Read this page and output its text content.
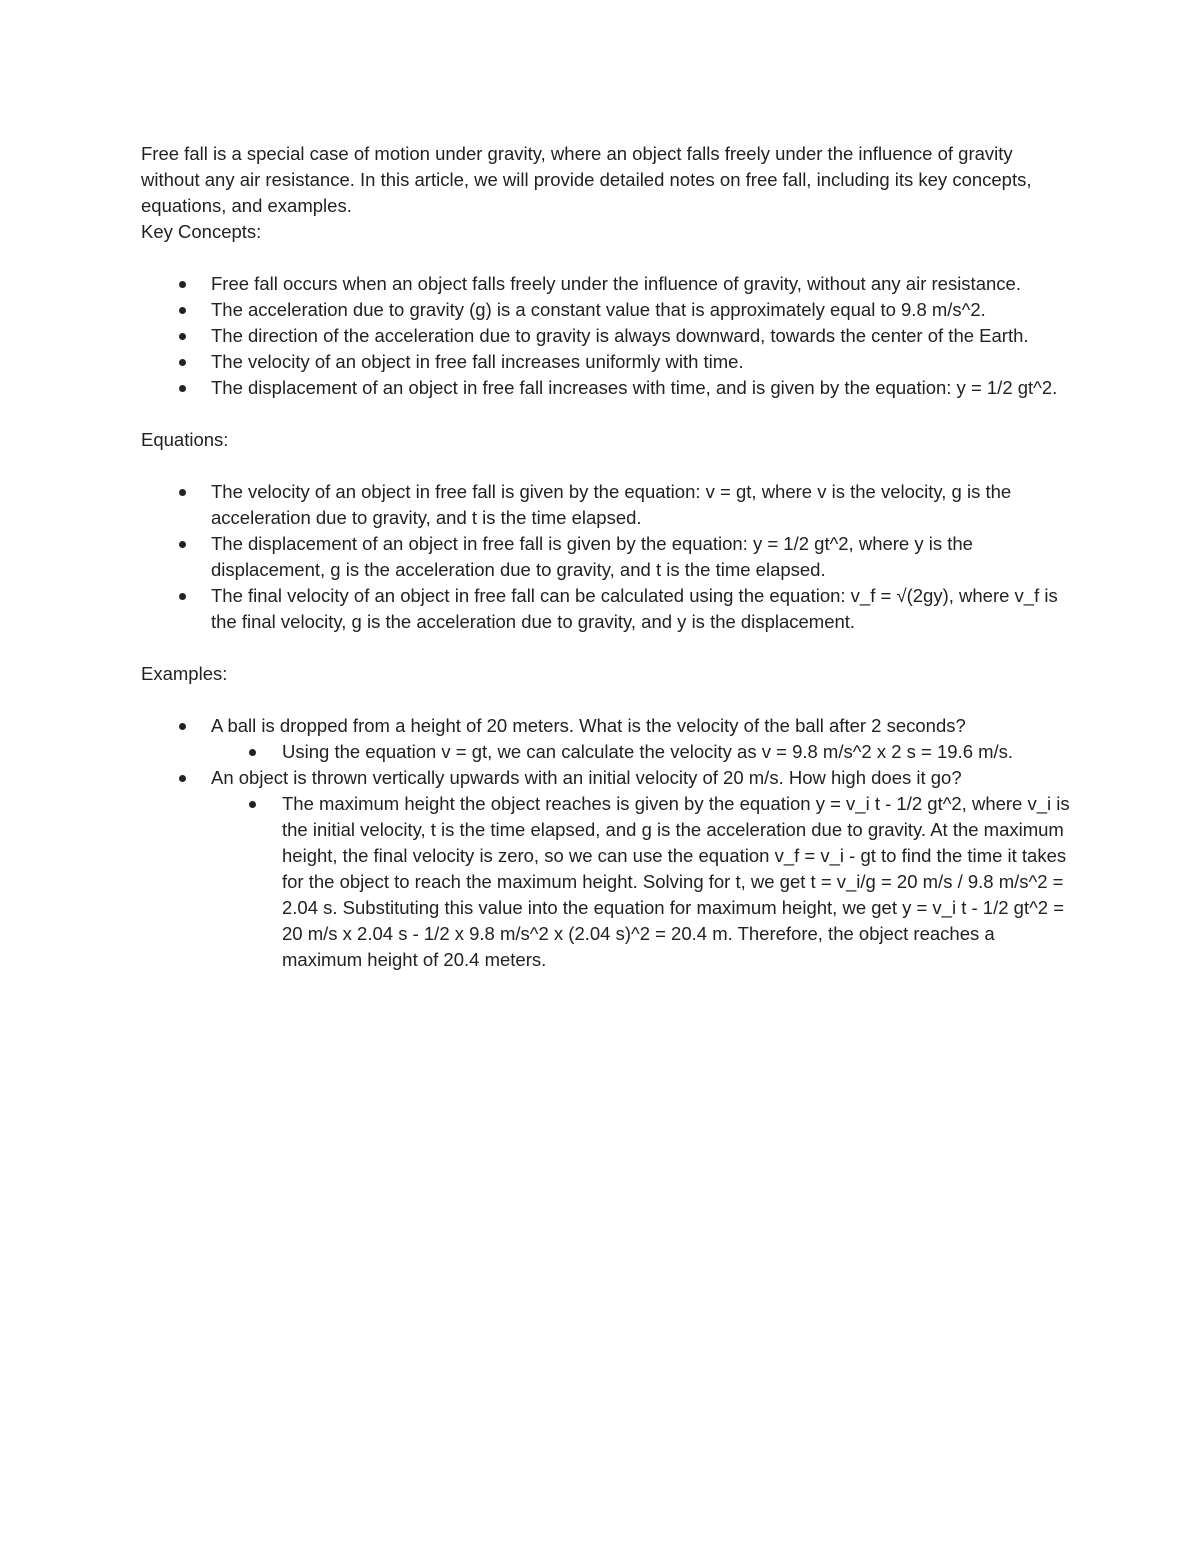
Free fall is a special case of motion under gravity, where an object falls freely under the influence of gravity without any air resistance. In this article, we will provide detailed notes on free fall, including its key concepts, equations, and examples.

Key Concepts:

Free fall occurs when an object falls freely under the influence of gravity, without any air resistance.
The acceleration due to gravity (g) is a constant value that is approximately equal to 9.8 m/s^2.
The direction of the acceleration due to gravity is always downward, towards the center of the Earth.
The velocity of an object in free fall increases uniformly with time.
The displacement of an object in free fall increases with time, and is given by the equation: y = 1/2 gt^2.

Equations:

The velocity of an object in free fall is given by the equation: v = gt, where v is the velocity, g is the acceleration due to gravity, and t is the time elapsed.
The displacement of an object in free fall is given by the equation: y = 1/2 gt^2, where y is the displacement, g is the acceleration due to gravity, and t is the time elapsed.
The final velocity of an object in free fall can be calculated using the equation: v_f = √(2gy), where v_f is the final velocity, g is the acceleration due to gravity, and y is the displacement.

Examples:

A ball is dropped from a height of 20 meters. What is the velocity of the ball after 2 seconds?
Using the equation v = gt, we can calculate the velocity as v = 9.8 m/s^2 x 2 s = 19.6 m/s.
An object is thrown vertically upwards with an initial velocity of 20 m/s. How high does it go?
The maximum height the object reaches is given by the equation y = v_i t - 1/2 gt^2, where v_i is the initial velocity, t is the time elapsed, and g is the acceleration due to gravity. At the maximum height, the final velocity is zero, so we can use the equation v_f = v_i - gt to find the time it takes for the object to reach the maximum height. Solving for t, we get t = v_i/g = 20 m/s / 9.8 m/s^2 = 2.04 s. Substituting this value into the equation for maximum height, we get y = v_i t - 1/2 gt^2 = 20 m/s x 2.04 s - 1/2 x 9.8 m/s^2 x (2.04 s)^2 = 20.4 m. Therefore, the object reaches a maximum height of 20.4 meters.
